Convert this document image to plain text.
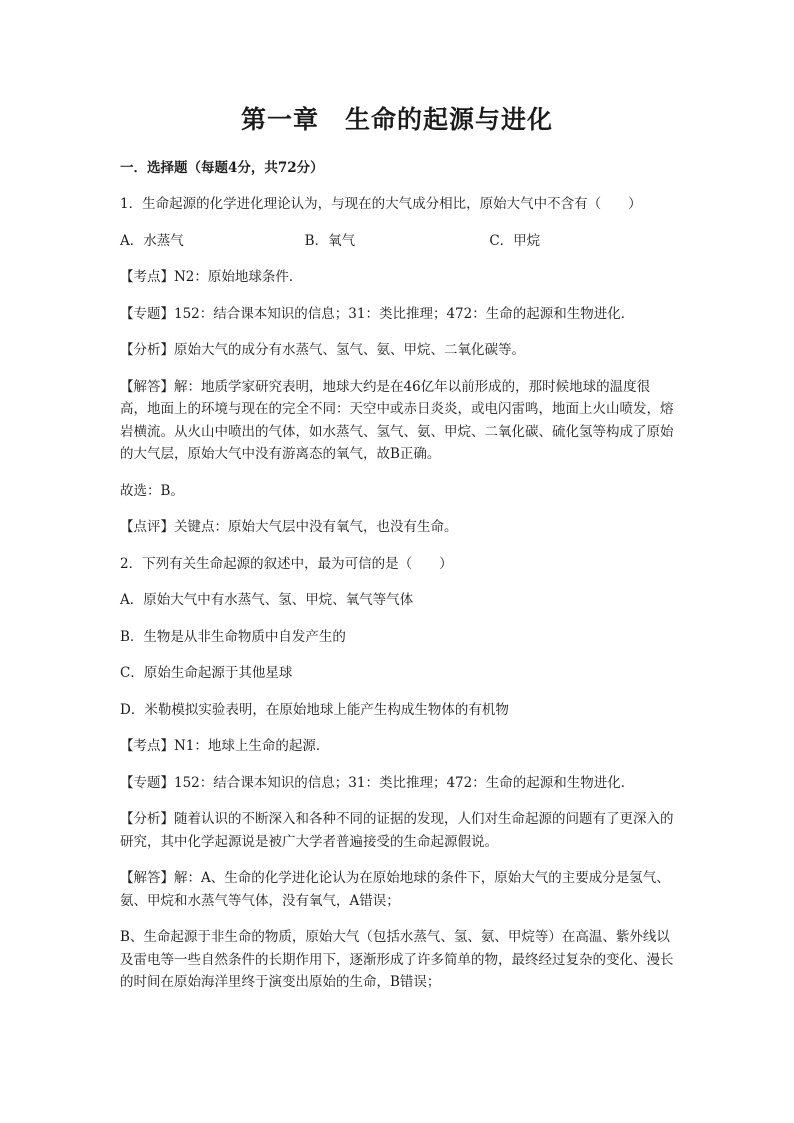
第一章　生命的起源与进化
一．选择题（每题4分，共72分）
1．生命起源的化学进化理论认为，与现在的大气成分相比，原始大气中不含有（　　）
A．水蒸气	B．氧气	C．甲烷
【考点】N2：原始地球条件．
【专题】152：结合课本知识的信息；31：类比推理；472：生命的起源和生物进化．
【分析】原始大气的成分有水蒸气、氢气、氨、甲烷、二氧化碳等。
【解答】解：地质学家研究表明，地球大约是在46亿年以前形成的，那时候地球的温度很高，地面上的环境与现在的完全不同：天空中或赤日炎炎，或电闪雷鸣，地面上火山喷发，熔岩横流。从火山中喷出的气体，如水蒸气、氢气、氨、甲烷、二氧化碳、硫化氢等构成了原始的大气层，原始大气中没有游离态的氧气，故B正确。
故选：B。
【点评】关键点：原始大气层中没有氧气，也没有生命。
2．下列有关生命起源的叙述中，最为可信的是（　　）
A．原始大气中有水蒸气、氢、甲烷、氧气等气体
B．生物是从非生命物质中自发产生的
C．原始生命起源于其他星球
D．米勒模拟实验表明，在原始地球上能产生构成生物体的有机物
【考点】N1：地球上生命的起源．
【专题】152：结合课本知识的信息；31：类比推理；472：生命的起源和生物进化．
【分析】随着认识的不断深入和各种不同的证据的发现，人们对生命起源的问题有了更深入的研究，其中化学起源说是被广大学者普遍接受的生命起源假说。
【解答】解：A、生命的化学进化论认为在原始地球的条件下，原始大气的主要成分是氢气、氨、甲烷和水蒸气等气体，没有氧气，A错误；
B、生命起源于非生命的物质，原始大气（包括水蒸气、氢、氨、甲烷等）在高温、紫外线以及雷电等一些自然条件的长期作用下，逐渐形成了许多简单的物，最终经过复杂的变化、漫长的时间在原始海洋里终于演变出原始的生命，B错误；
